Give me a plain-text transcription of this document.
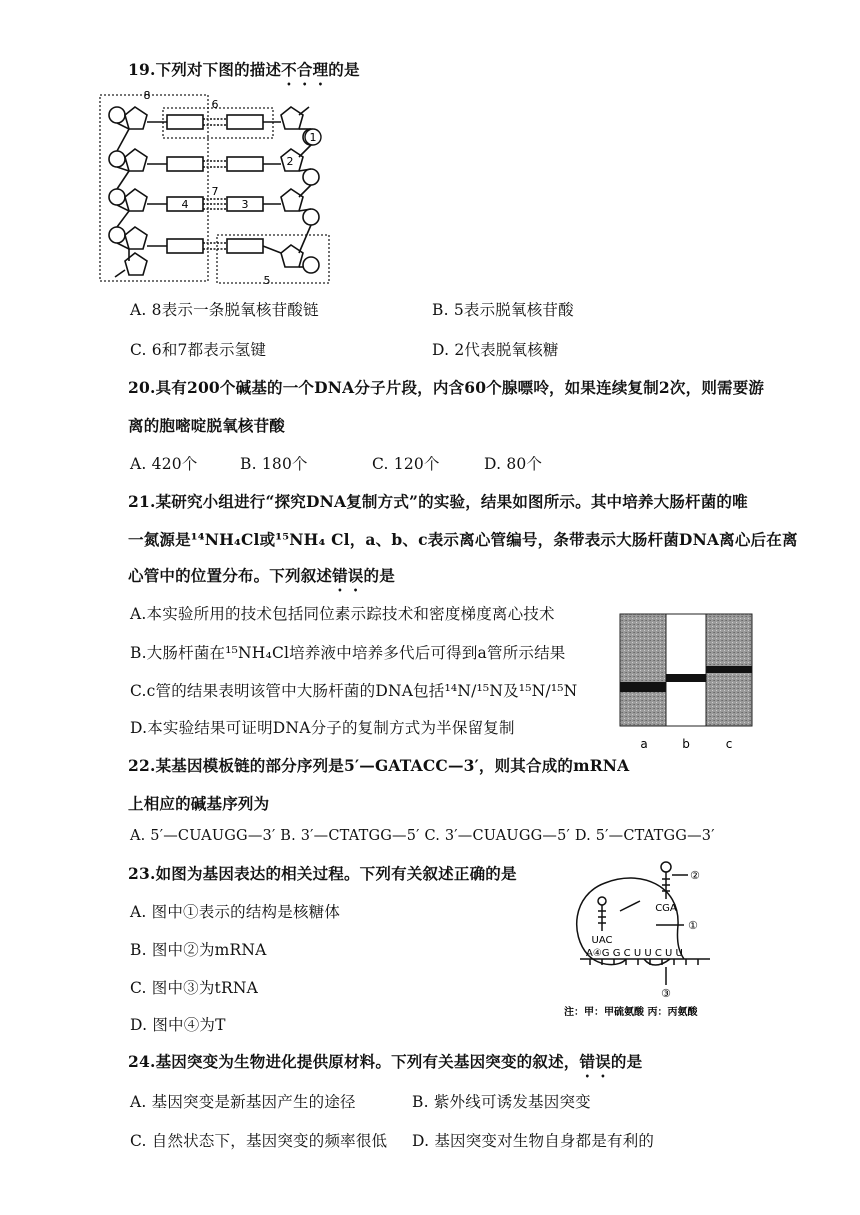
19.下列对下图的描述不合理的是
8
6
7
5
1
2
3
4
A. 8表示一条脱氧核苷酸链	B. 5表示脱氧核苷酸
C. 6和7都表示氢键	D. 2代表脱氧核糖
20.具有200个碱基的一个DNA分子片段，内含60个腺嘌呤，如果连续复制2次，则需要游
离的胞嘧啶脱氧核苷酸
A. 420个	B. 180个	C. 120个	D. 80个
21.某研究小组进行“探究DNA复制方式”的实验，结果如图所示。其中培养大肠杆菌的唯
一氮源是¹⁴NH₄Cl或¹⁵NH₄ Cl，a、b、c表示离心管编号，条带表示大肠杆菌DNA离心后在离
心管中的位置分布。下列叙述错误的是
A.本实验所用的技术包括同位素示踪技术和密度梯度离心技术
B.大肠杆菌在¹⁵NH₄Cl培养液中培养多代后可得到a管所示结果
C.c管的结果表明该管中大肠杆菌的DNA包括¹⁴N/¹⁵N及¹⁵N/¹⁵N
D.本实验结果可证明DNA分子的复制方式为半保留复制
a	b	c
22.某基因模板链的部分序列是5′—GATACC—3′，则其合成的mRNA
上相应的碱基序列为
A. 5′—CUAUGG—3′ B. 3′—CTATGG—5′ C. 3′—CUAUGG—5′ D. 5′—CTATGG—3′
23.如图为基因表达的相关过程。下列有关叙述正确的是
A. 图中①表示的结构是核糖体
B. 图中②为mRNA
C. 图中③为tRNA
D. 图中④为T
CGA
UAC
A④G G C U U C U U
①
②
③
注：甲：甲硫氨酸 丙：丙氨酸
24.基因突变为生物进化提供原材料。下列有关基因突变的叙述，错误的是
A. 基因突变是新基因产生的途径	B. 紫外线可诱发基因突变
C. 自然状态下，基因突变的频率很低 D. 基因突变对生物自身都是有利的
